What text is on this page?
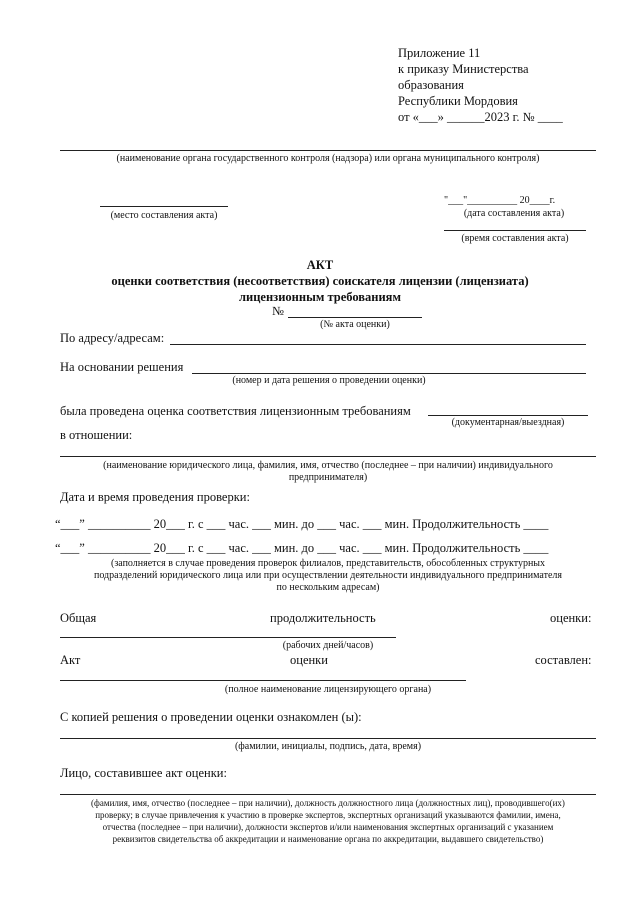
Приложение 11
к приказу Министерства
образования
Республики Мордовия
от «___» ______2023 г. № ____
(наименование органа государственного контроля (надзора) или органа муниципального контроля)
(место составления акта)
"___"__________ 20____г.
(дата составления акта)
(время составления акта)
АКТ
оценки соответствия (несоответствия) соискателя лицензии (лицензиата)
лицензионным требованиям
№
(№ акта оценки)
По адресу/адресам:
На основании решения
(номер и дата решения о проведении оценки)
была проведена оценка соответствия лицензионным требованиям
(документарная/выездная)
в отношении:
(наименование юридического лица, фамилия, имя, отчество (последнее – при наличии) индивидуального
предпринимателя)
Дата и время проведения проверки:
“___” __________ 20___ г. с ___ час. ___ мин. до ___ час. ___ мин. Продолжительность ____
“___” __________ 20___ г. с ___ час. ___ мин. до ___ час. ___ мин. Продолжительность ____
(заполняется в случае проведения проверок филиалов, представительств, обособленных структурных
подразделений юридического лица или при осуществлении деятельности индивидуального предпринимателя
по нескольким адресам)
Общая	продолжительность	оценки:
(рабочих дней/часов)
Акт	оценки	составлен:
(полное наименование лицензирующего органа)
С копией решения о проведении оценки ознакомлен (ы):
(фамилии, инициалы, подпись, дата, время)
Лицо, составившее акт оценки:
(фамилия, имя, отчество (последнее – при наличии), должность должностного лица (должностных лиц), проводившего(их)
проверку; в случае привлечения к участию в проверке экспертов, экспертных организаций указываются фамилии, имена,
отчества (последнее – при наличии), должности экспертов и/или наименования экспертных организаций с указанием
реквизитов свидетельства об аккредитации и наименование органа по аккредитации, выдавшего свидетельство)
